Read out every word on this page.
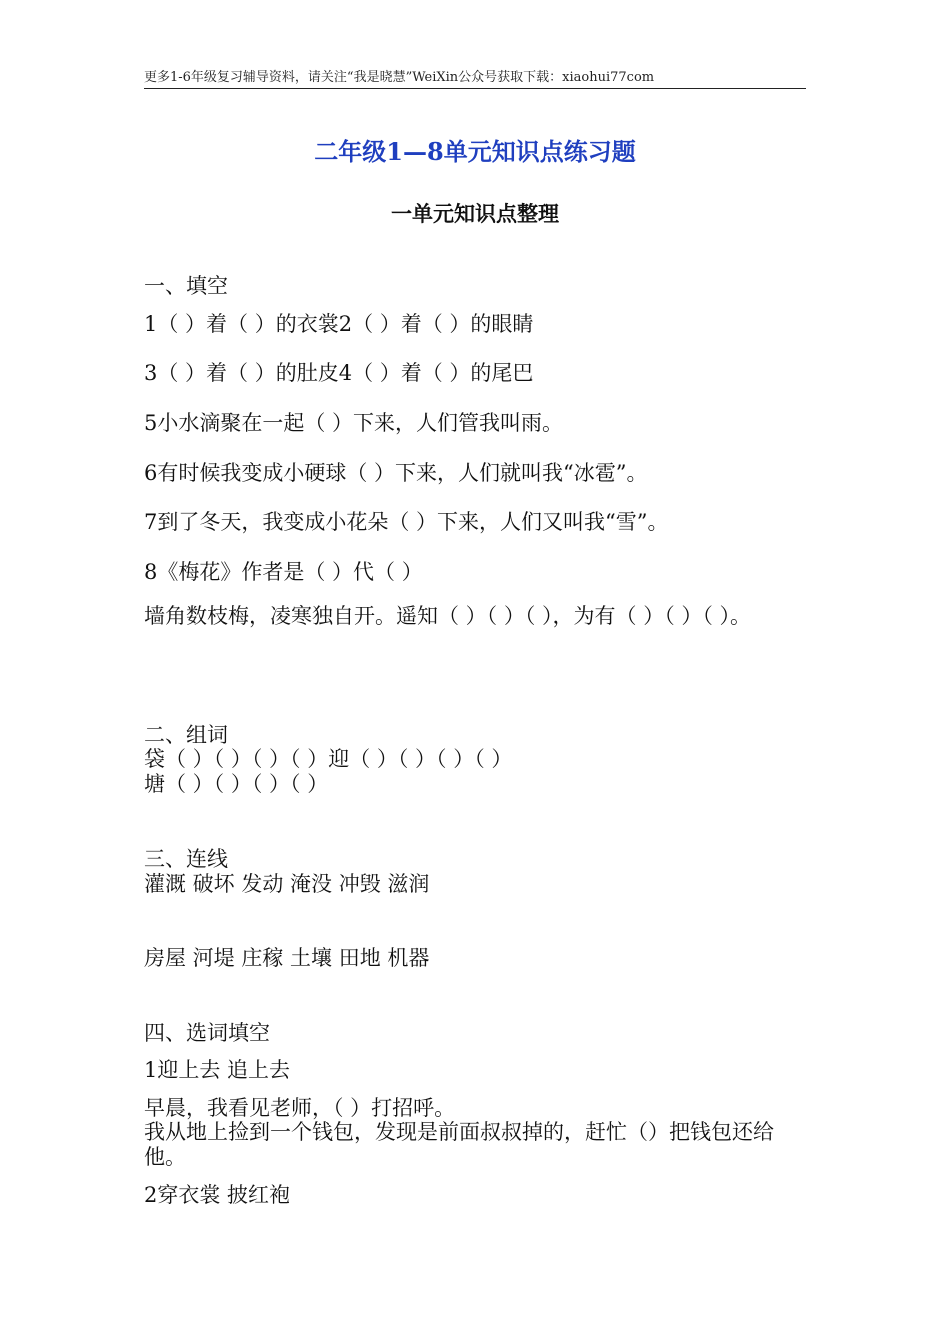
更多1-6年级复习辅导资料，请关注“我是晓慧”WeiXin公众号获取下载：xiaohui77com
二年级1—8单元知识点练习题
一单元知识点整理
一、填空
1（ ）着（ ）的衣裳2（ ）着（ ）的眼睛
3（ ）着（ ）的肚皮4（ ）着（ ）的尾巴
5小水滴聚在一起（ ）下来，人们管我叫雨。
6有时候我变成小硬球（ ）下来，人们就叫我“冰雹”。
7到了冬天，我变成小花朵（ ）下来，人们又叫我“雪”。
8《梅花》作者是（ ）代（ ）
墙角数枝梅，凌寒独自开。遥知（ ）（ ）（ ），为有（ ）（ ）（ ）。
二、组词
袋（ ）（ ）（ ）（ ）迎（ ）（ ）（ ）（ ）
塘（ ）（ ）（ ）（ ）
三、连线
灌溉 破坏 发动 淹没 冲毁 滋润
房屋 河堤 庄稼 土壤 田地 机器
四、选词填空
1迎上去 追上去
早晨，我看见老师，（ ）打招呼。
我从地上捡到一个钱包，发现是前面叔叔掉的，赶忙（）把钱包还给他。
2穿衣裳 披红袍
